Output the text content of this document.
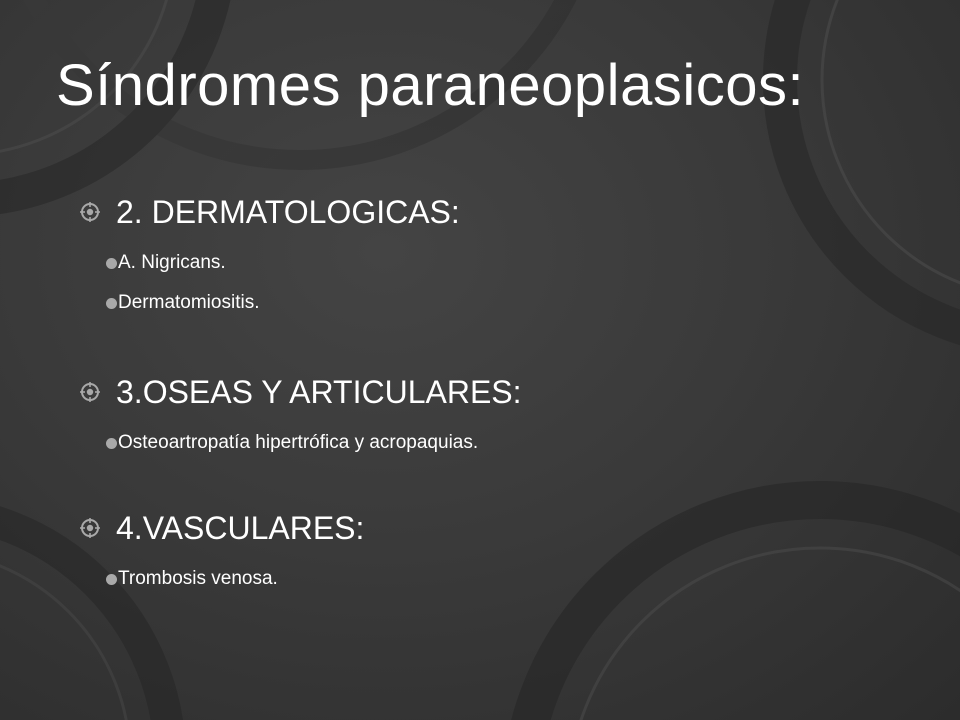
Síndromes paraneoplasicos:
2. DERMATOLOGICAS:
A. Nigricans.
Dermatomiositis.
3.OSEAS Y ARTICULARES:
Osteoartropatía hipertrófica y acropaquias.
4.VASCULARES:
Trombosis venosa.
